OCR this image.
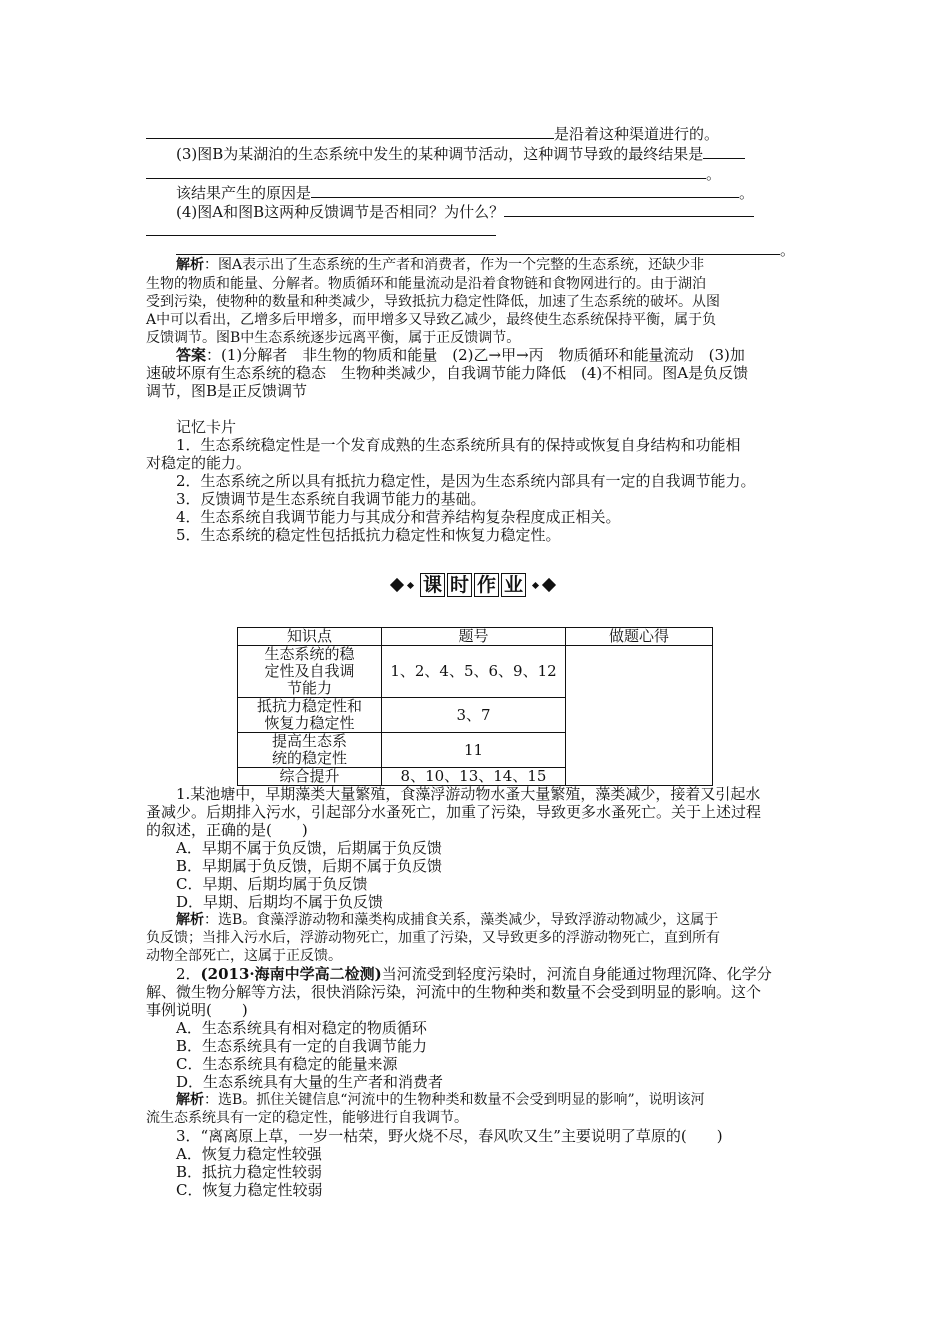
是沿着这种渠道进行的。
(3)图B为某湖泊的生态系统中发生的某种调节活动，这种调节导致的最终结果是
。
该结果产生的原因是	。
(4)图A和图B这两种反馈调节是否相同？为什么？
。
解析：图A表示出了生态系统的生产者和消费者，作为一个完整的生态系统，还缺少非
生物的物质和能量、分解者。物质循环和能量流动是沿着食物链和食物网进行的。由于湖泊
受到污染，使物种的数量和种类减少，导致抵抗力稳定性降低，加速了生态系统的破坏。从图
A中可以看出，乙增多后甲增多，而甲增多又导致乙减少，最终使生态系统保持平衡，属于负
反馈调节。图B中生态系统逐步远离平衡，属于正反馈调节。
答案：(1)分解者　非生物的物质和能量　(2)乙→甲→丙　物质循环和能量流动　(3)加
速破坏原有生态系统的稳态　生物种类减少，自我调节能力降低　(4)不相同。图A是负反馈
调节，图B是正反馈调节
记忆卡片
1．生态系统稳定性是一个发育成熟的生态系统所具有的保持或恢复自身结构和功能相
对稳定的能力。
2．生态系统之所以具有抵抗力稳定性，是因为生态系统内部具有一定的自我调节能力。
3．反馈调节是生态系统自我调节能力的基础。
4．生态系统自我调节能力与其成分和营养结构复杂程度成正相关。
5．生态系统的稳定性包括抵抗力稳定性和恢复力稳定性。
课 时 作 业
知识点	题号	做题心得

生态系统的稳
定性及自我调
节能力	1、2、4、5、6、9、12	

抵抗力稳定性和
恢复力稳定性	3、7	

提高生态系
统的稳定性	11	
综合提升	8、10、13、14、15	
1.某池塘中，早期藻类大量繁殖，食藻浮游动物水蚤大量繁殖，藻类减少，接着又引起水
蚤减少。后期排入污水，引起部分水蚤死亡，加重了污染，导致更多水蚤死亡。关于上述过程
的叙述，正确的是(　　)
A．早期不属于负反馈，后期属于负反馈
B．早期属于负反馈，后期不属于负反馈
C．早期、后期均属于负反馈
D．早期、后期均不属于负反馈
解析：选B。食藻浮游动物和藻类构成捕食关系，藻类减少，导致浮游动物减少，这属于
负反馈；当排入污水后，浮游动物死亡，加重了污染，又导致更多的浮游动物死亡，直到所有
动物全部死亡，这属于正反馈。
2．(2013·海南中学高二检测)当河流受到轻度污染时，河流自身能通过物理沉降、化学分
解、微生物分解等方法，很快消除污染，河流中的生物种类和数量不会受到明显的影响。这个
事例说明(　　)
A．生态系统具有相对稳定的物质循环
B．生态系统具有一定的自我调节能力
C．生态系统具有稳定的能量来源
D．生态系统具有大量的生产者和消费者
解析：选B。抓住关键信息“河流中的生物种类和数量不会受到明显的影响”，说明该河
流生态系统具有一定的稳定性，能够进行自我调节。
3．“离离原上草，一岁一枯荣，野火烧不尽，春风吹又生”主要说明了草原的(　　)
A．恢复力稳定性较强
B．抵抗力稳定性较弱
C．恢复力稳定性较弱
